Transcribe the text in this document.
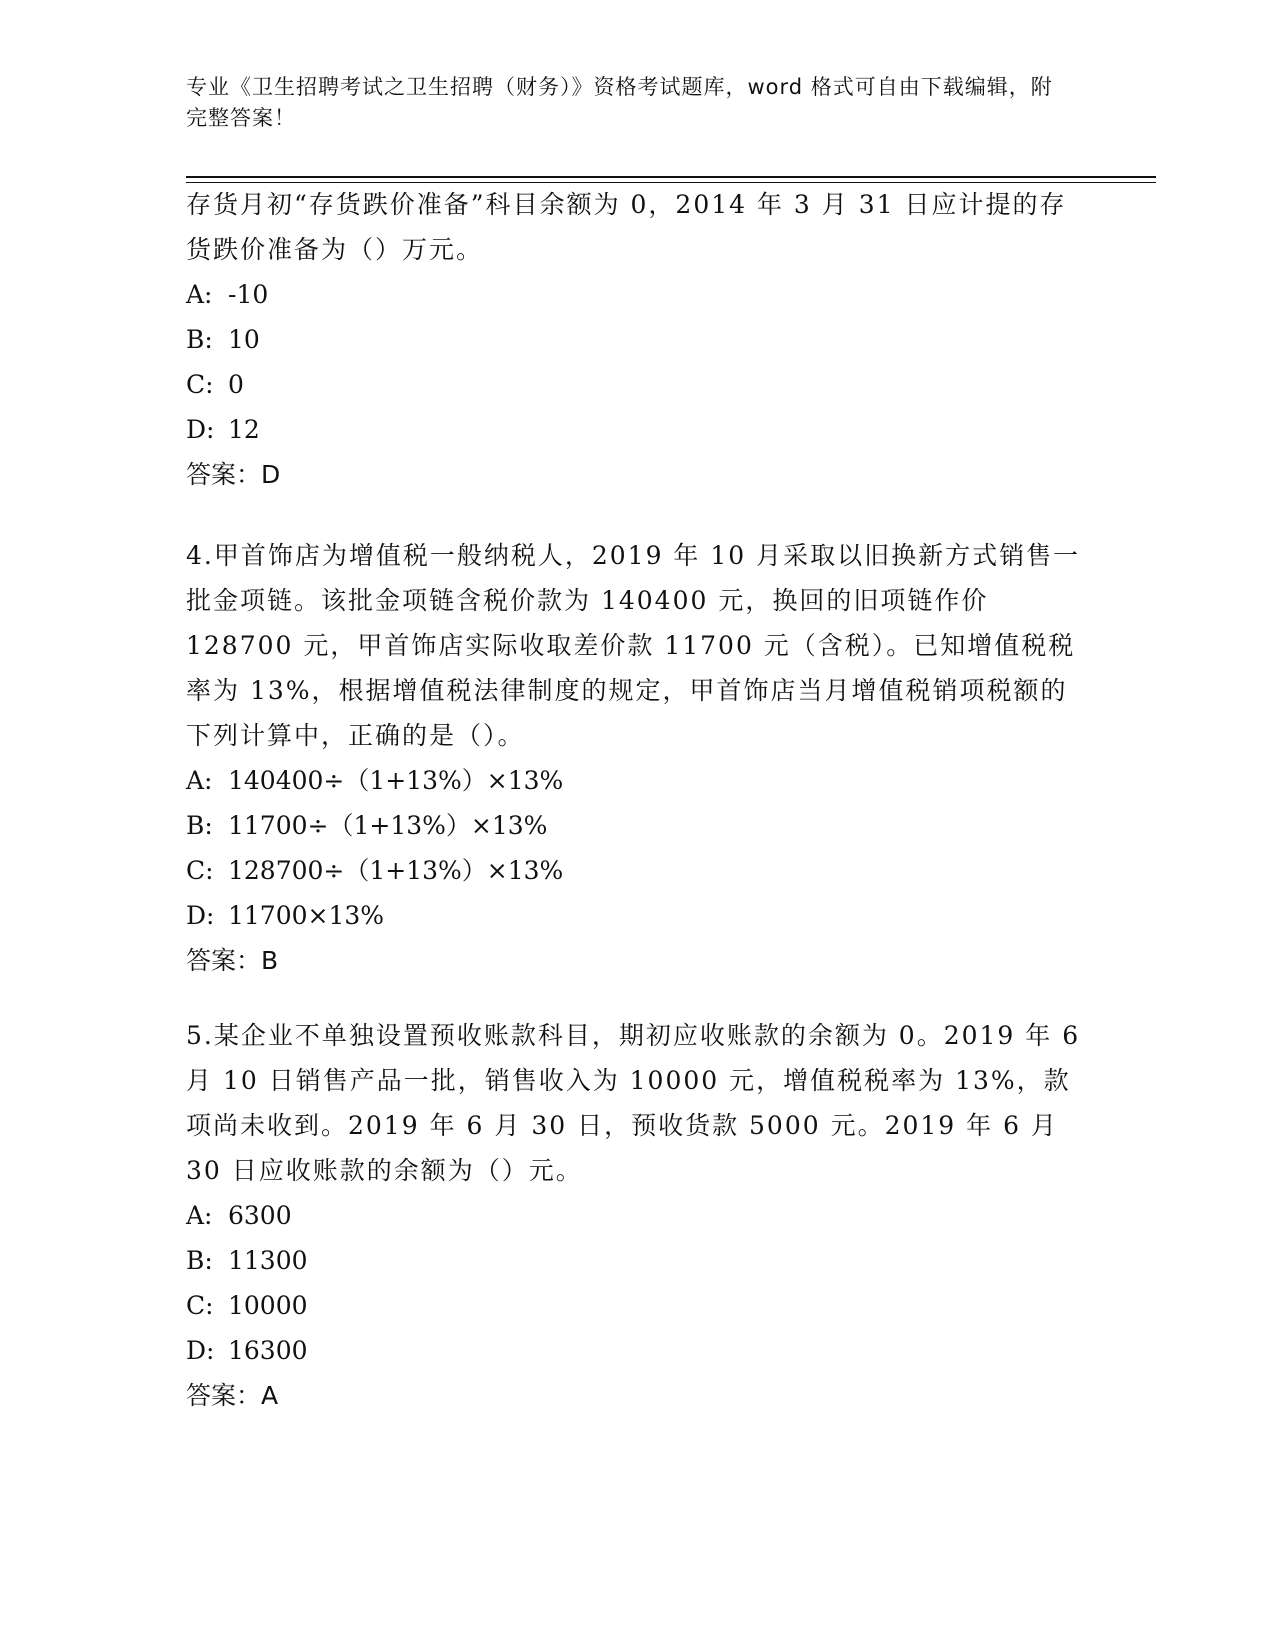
专业《卫生招聘考试之卫生招聘（财务）》资格考试题库，word 格式可自由下载编辑，附完整答案！

存货月初“存货跌价准备”科目余额为 0，2014 年 3 月 31 日应计提的存货跌价准备为（）万元。

A: -10
B: 10
C: 0
D: 12
答案：D

4.甲首饰店为增值税一般纳税人，2019 年 10 月采取以旧换新方式销售一批金项链。该批金项链含税价款为 140400 元，换回的旧项链作价 128700 元，甲首饰店实际收取差价款 11700 元（含税）。已知增值税税率为 13%，根据增值税法律制度的规定，甲首饰店当月增值税销项税额的下列计算中，正确的是（）。

A: 140400÷（1+13%）×13%
B: 11700÷（1+13%）×13%
C: 128700÷（1+13%）×13%
D: 11700×13%
答案：B

5.某企业不单独设置预收账款科目，期初应收账款的余额为 0。2019 年 6 月 10 日销售产品一批，销售收入为 10000 元，增值税税率为 13%，款项尚未收到。2019 年 6 月 30 日，预收货款 5000 元。2019 年 6 月 30 日应收账款的余额为（）元。

A: 6300
B: 11300
C: 10000
D: 16300
答案：A
